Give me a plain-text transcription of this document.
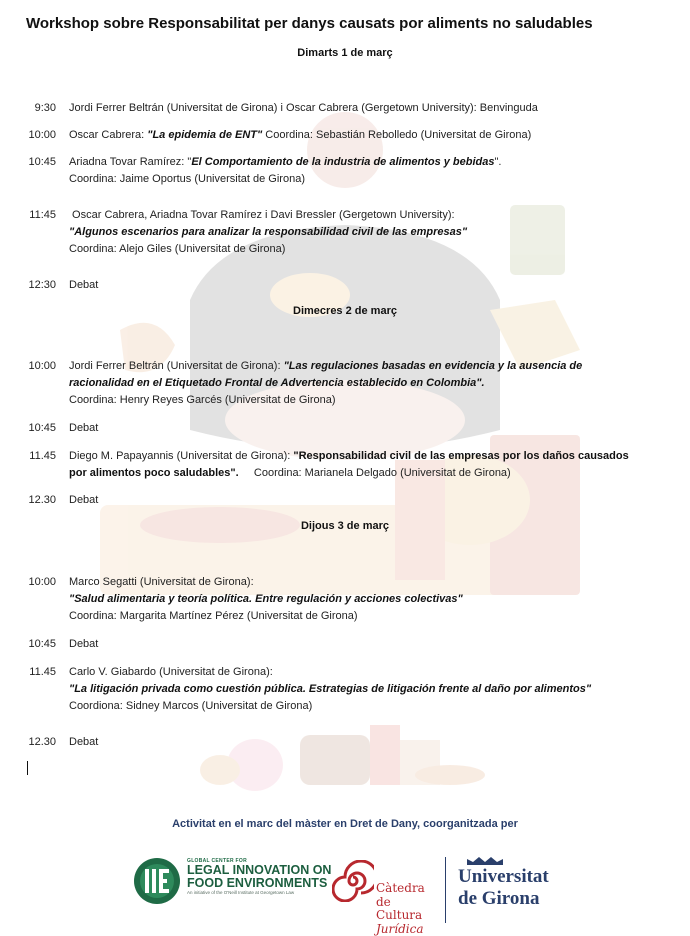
Workshop sobre Responsabilitat per danys causats por aliments no saludables
Dimarts 1 de març
Dimecres 2 de març
Dijous 3 de març
9:30 Jordi Ferrer Beltrán (Universitat de Girona) i Oscar Cabrera (Gergetown University): Benvinguda
10:00 Oscar Cabrera: "La epidemia de ENT" Coordina: Sebastián Rebolledo (Universitat de Girona)
10:45 Ariadna Tovar Ramírez: "El Comportamiento de la industria de alimentos y bebidas".
Coordina: Jaime Oportus (Universitat de Girona)
11:45 Oscar Cabrera, Ariadna Tovar Ramírez i Davi Bressler (Gergetown University):
"Algunos escenarios para analizar la responsabilidad civil de las empresas"
Coordina: Alejo Giles (Universitat de Girona)
12:30 Debat
10:00 Jordi Ferrer Beltrán (Universitat de Girona): "Las regulaciones basadas en evidencia y la ausencia de
racionalidad en el Etiquetado Frontal de Advertencia establecido en Colombia".
Coordina: Henry Reyes Garcés (Universitat de Girona)
10:45 Debat
11.45 Diego M. Papayannis (Universitat de Girona): "Responsabilidad civil de las empresas por los daños causados
por alimentos poco saludables".     Coordina: Marianela Delgado (Universitat de Girona)
12.30 Debat
10:00 Marco Segatti (Universitat de Girona):
"Salud alimentaria y teoría política. Entre regulación y acciones colectivas"
Coordina: Margarita Martínez Pérez (Universitat de Girona)
10:45 Debat
11.45 Carlo V. Giabardo (Universitat de Girona):
"La litigación privada como cuestión pública. Estrategias de litigación frente al daño por alimentos"
Coordiona: Sidney Marcos (Universitat de Girona)
12.30 Debat
Activitat en el marc del màster en Dret de Dany, coorganitzada per
GLOBAL CENTER FOR
LEGAL INNOVATION ON
FOOD ENVIRONMENTS
An initiative of the O'Neill Institute at Georgetown Law	Càtedra
de Cultura
Jurídica
Universitat
de Girona
